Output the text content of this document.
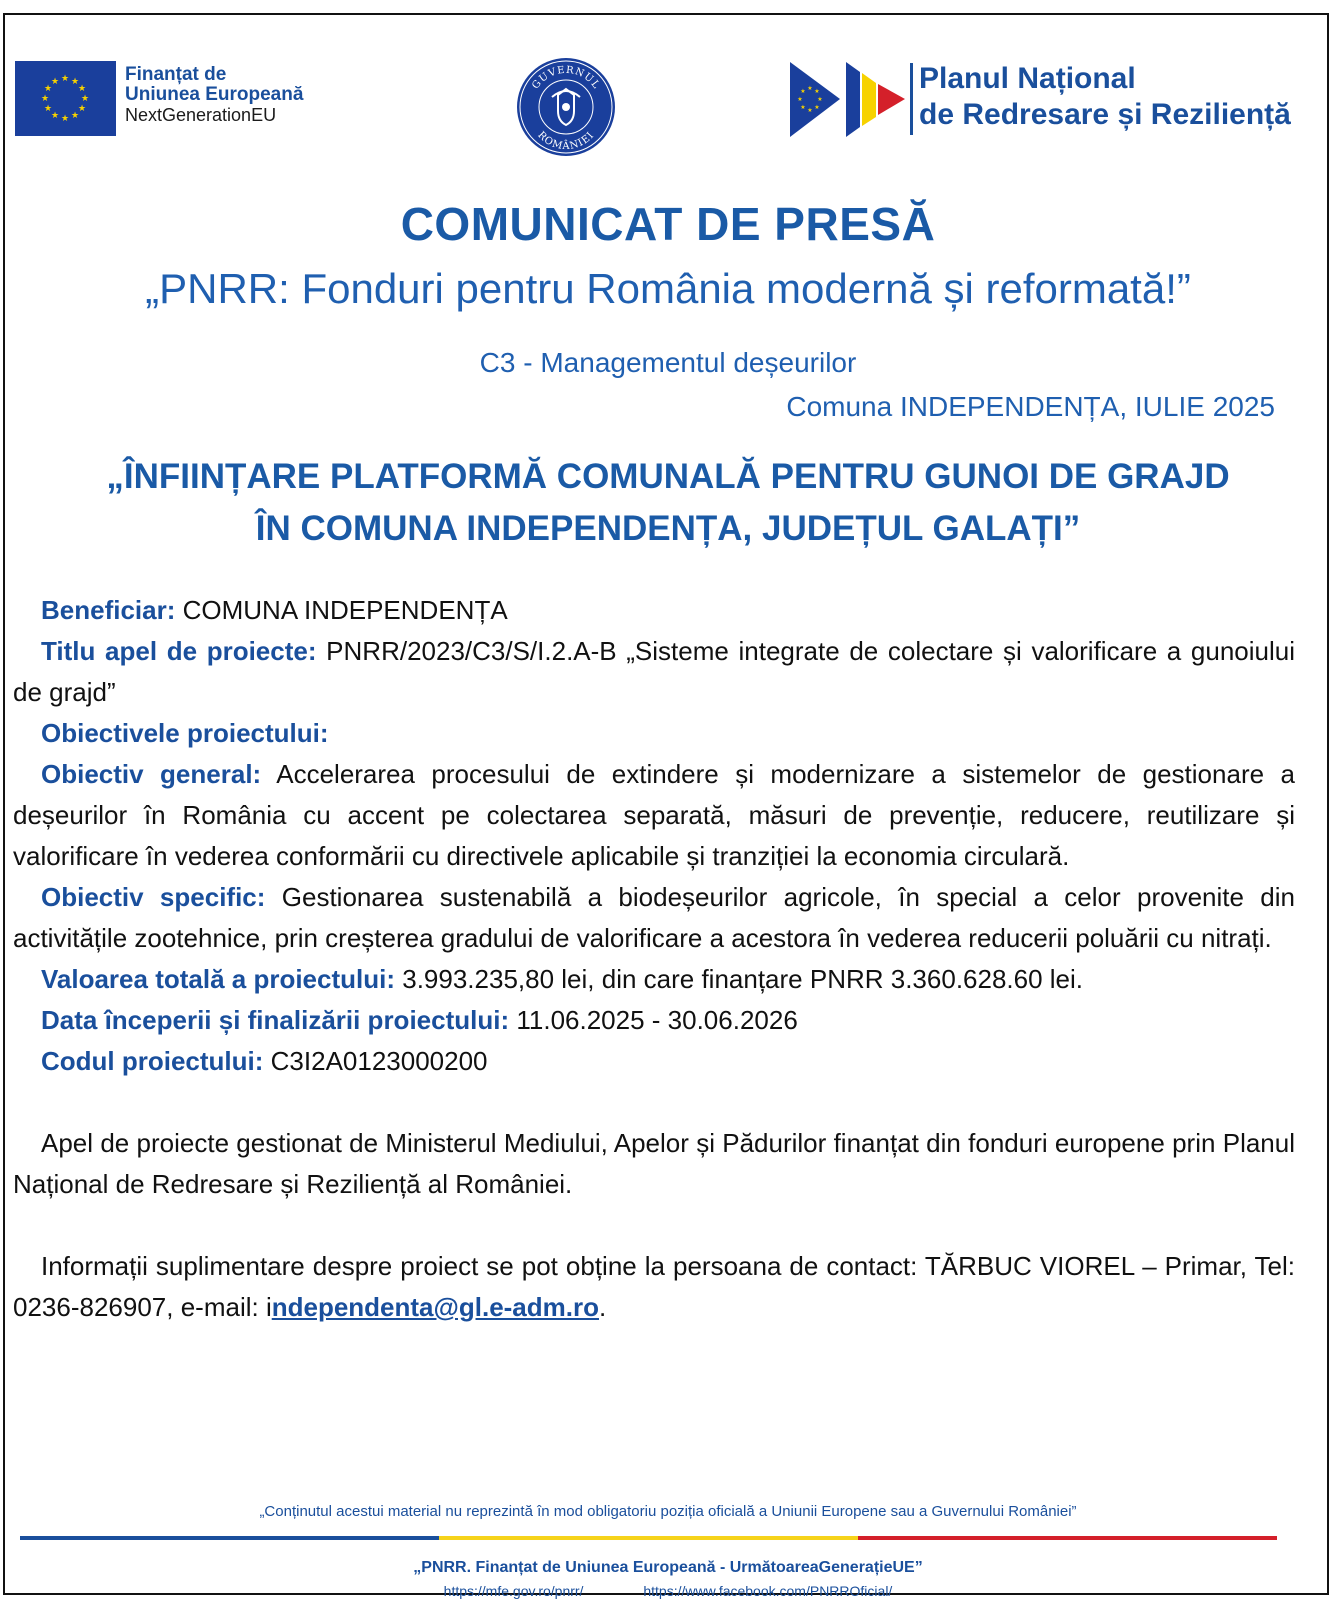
★ ★
★
★
★
★
★
★
★
★
★
★	Finanțat de
Uniunea Europeană
NextGenerationEU
GUVERNUL
ROMÂNIEI
★ ★
★
★
★
★
★
★	Planul Național
de Redresare și Reziliență
COMUNICAT DE PRESĂ
„PNRR: Fonduri pentru România modernă și reformată!”
C3 - Managementul deșeurilor
Comuna INDEPENDENȚA, IULIE 2025
„ÎNFIINȚARE PLATFORMĂ COMUNALĂ PENTRU GUNOI DE GRAJD
ÎN COMUNA INDEPENDENȚA, JUDEȚUL GALAȚI”

Beneficiar: COMUNA INDEPENDENȚA

Titlu apel de proiecte: PNRR/2023/C3/S/I.2.A-B „Sisteme integrate de colectare și valorificare a gunoiului de grajd”

Obiectivele proiectului:

Obiectiv general: Accelerarea procesului de extindere și modernizare a sistemelor de gestionare a deșeurilor în România cu accent pe colectarea separată, măsuri de prevenție, reducere, reutilizare și valorificare în vederea conformării cu directivele aplicabile și tranziției la economia circulară.

Obiectiv specific: Gestionarea sustenabilă a biodeșeurilor agricole, în special a celor provenite din activitățile zootehnice, prin creșterea gradului de valorificare a acestora în vederea reducerii poluării cu nitrați.

Valoarea totală a proiectului: 3.993.235,80 lei, din care finanțare PNRR 3.360.628.60 lei.

Data începerii și finalizării proiectului: 11.06.2025 - 30.06.2026

Codul proiectului: C3I2A0123000200

Apel de proiecte gestionat de Ministerul Mediului, Apelor și Pădurilor finanțat din fonduri europene prin Planul Național de Redresare și Reziliență al României.

Informații suplimentare despre proiect se pot obține la persoana de contact: TĂRBUC VIOREL – Primar, Tel: 0236-826907, e-mail: independenta@gl.e-adm.ro.

„Conținutul acestui material nu reprezintă în mod obligatoriu poziția oficială a Uniunii Europene sau a Guvernului României”
„PNRR. Finanțat de Uniunea Europeană - UrmătoareaGenerațieUE”
https://mfe.gov.ro/pnrr/	https://www.facebook.com/PNRROficial/
